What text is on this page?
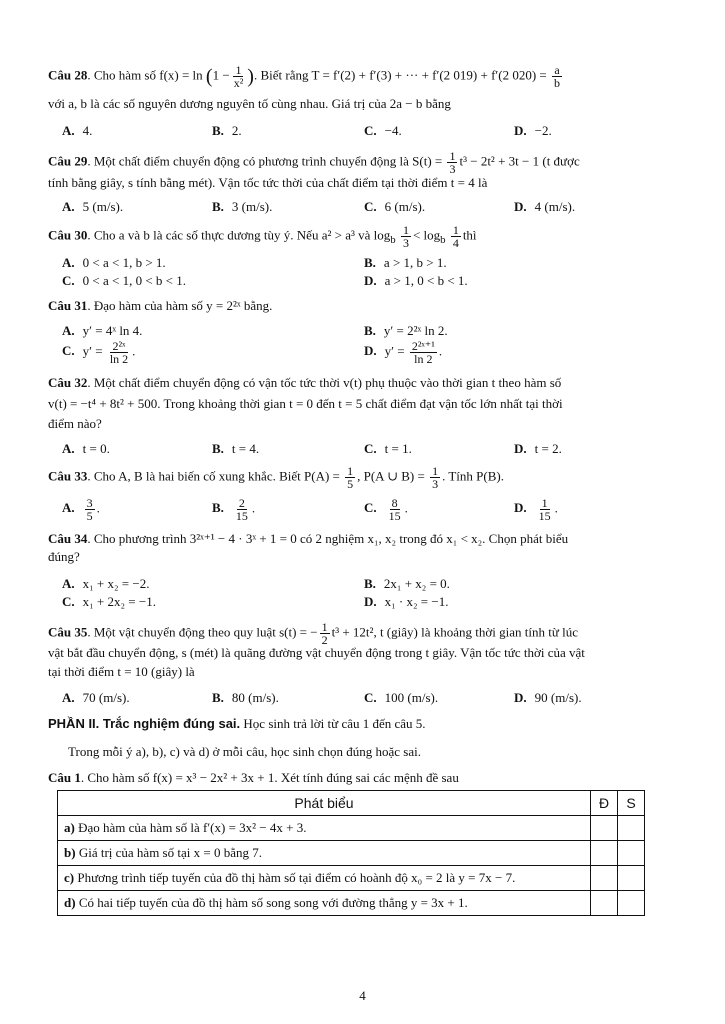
Câu 28. Cho hàm số $f(x) = \ln (1 - \frac{1}{\text{x²}}$ ). Biết rằng T = f′(2) + f′(3) + ··· + f′(2 019) + f′(2 $020) = \frac{a}{b}$
với a, b là các số nguyên dương nguyên tố cùng nhau. Giá trị của 2a − b bằng
A. 4.	B. 2.	C. −4.	D. −2.
Câu 29. Một chất điểm chuyển động có phương trình chuyển động là $S(t) = \frac{1}{3} t^3 - 2t^2 + 3t - 1$ (t được
tính bằng giây, s tính bằng mét). Vận tốc tức thời của chất điểm tại thời điểm t = 4 là
A. 5 (m/s).	B. 3 (m/s).	C. 6 (m/s).	D. 4 (m/s).
Câu 30. Cho a và b là các số thực dương tùy ý. Nếu a² > a³ và $\log_b \frac{1}{3} < \log_b \frac{1}{4}$ thì
A. 0 < a < 1, b > 1.	B. a > 1, b > 1.
C. 0 < a < 1, 0 < b < 1.	D. a > 1, 0 < b < 1.
Câu 31. Đạo hàm của hàm số y = 2²ˣ bằng.
A. y′ = 4ˣ ln 4.	B. y′ = 2²ˣ ln 2.
C. $y' = \frac{\text{2²ˣ}}{\ln 2}$ .	D. $y' = \frac{\text{2²ˣ⁺¹}}{\ln 2}$ .
Câu 32. Một chất điểm chuyển động có vận tốc tức thời v(t) phụ thuộc vào thời gian t theo hàm số
v(t) = −t⁴ + 8t² + 500. Trong khoảng thời gian t = 0 đến t = 5 chất điểm đạt vận tốc lớn nhất tại thời
điểm nào?
A. t = 0.	B. t = 4.	C. t = 1.	D. t = 2.
Câu 33. Cho A, B là hai biến cố xung khắc. Biết $P(A) = \frac{1}{5}$ , P(A ∪ $B) = \frac{1}{3}$ . Tính P(B).
A. $\frac{3}{5}$ .	B. $\frac{2}{15}$ .	C. $\frac{8}{15}$ .	D. $\frac{1}{15}$ .
Câu 34. Cho phương trình 3²ˣ⁺¹ − 4 · 3ˣ + 1 = 0 có 2 nghiệm x₁, x₂ trong đó x₁ < x₂. Chọn phát biểu
đúng?
A. x₁ + x₂ = −2.	B. 2x₁ + x₂ = 0.
C. x₁ + 2x₂ = −1.	D. x₁ · x₂ = −1.
Câu 35. Một vật chuyển động theo quy luật s(t) = − $\frac{1}{2} t^3 + 12t^2$, t (giây) là khoảng thời gian tính từ lúc
vật bắt đầu chuyển động, s (mét) là quãng đường vật chuyển động trong t giây. Vận tốc tức thời của vật
tại thời điểm t = 10 (giây) là
A. 70 (m/s).	B. 80 (m/s).	C. 100 (m/s).	D. 90 (m/s).
PHẦN II. Trắc nghiệm đúng sai. Học sinh trả lời từ câu 1 đến câu 5.
Trong mỗi ý a), b), c) và d) ở mỗi câu, học sinh chọn đúng hoặc sai.
Câu 1. Cho hàm số f(x) = x³ − 2x² + 3x + 1. Xét tính đúng sai các mệnh đề sau
Phát biểu	Đ	S
a) Đạo hàm của hàm số là f′(x) = 3x² − 4x + 3.		
b) Giá trị của hàm số tại x = 0 bằng 7.		
c) Phương trình tiếp tuyến của đồ thị hàm số tại điểm có hoành độ x₀ = 2 là y = 7x − 7.		
d) Có hai tiếp tuyến của đồ thị hàm số song song với đường thẳng y = 3x + 1.		
4
